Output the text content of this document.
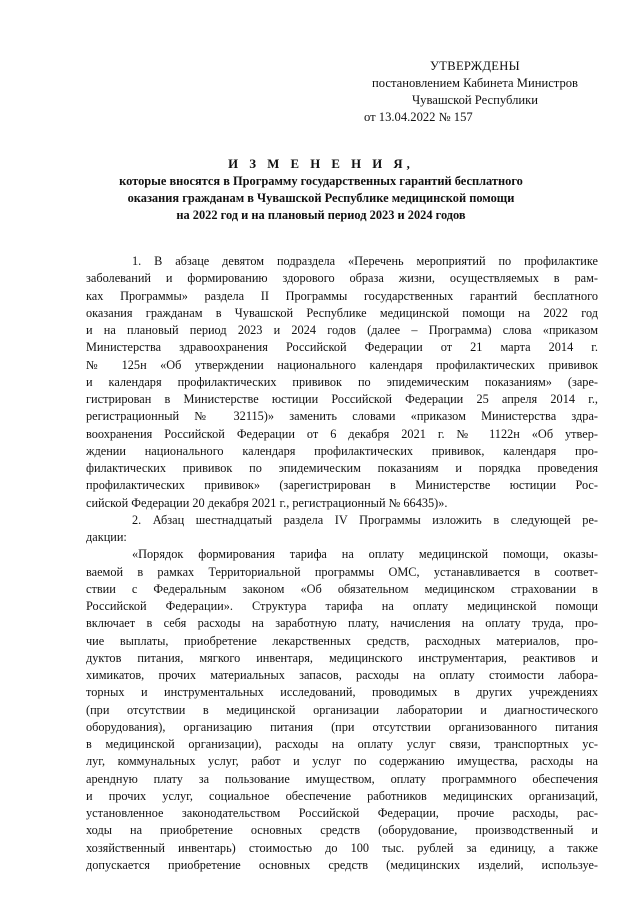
УТВЕРЖДЕНЫ
постановлением Кабинета Министров
Чувашской Республики
от 13.04.2022 № 157
И З М Е Н Е Н И Я,
которые вносятся в Программу государственных гарантий бесплатного
оказания гражданам в Чувашской Республике медицинской помощи
на 2022 год и на плановый период 2023 и 2024 годов
1. В абзаце девятом подраздела «Перечень мероприятий по профилактике
заболеваний и формированию здорового образа жизни, осуществляемых в рам-
ках Программы» раздела II Программы государственных гарантий бесплатного
оказания гражданам в Чувашской Республике медицинской помощи на 2022 год
и на плановый период 2023 и 2024 годов (далее – Программа) слова «приказом
Министерства здравоохранения Российской Федерации от 21 марта 2014 г.
№ 125н «Об утверждении национального календаря профилактических прививок
и календаря профилактических прививок по эпидемическим показаниям» (заре-
гистрирован в Министерстве юстиции Российской Федерации 25 апреля 2014 г.,
регистрационный № 32115)» заменить словами «приказом Министерства здра-
воохранения Российской Федерации от 6 декабря 2021 г. № 1122н «Об утвер-
ждении национального календаря профилактических прививок, календаря про-
филактических прививок по эпидемическим показаниям и порядка проведения
профилактических прививок» (зарегистрирован в Министерстве юстиции Рос-
сийской Федерации 20 декабря 2021 г., регистрационный № 66435)».
2. Абзац шестнадцатый раздела IV Программы изложить в следующей ре-
дакции:
«Порядок формирования тарифа на оплату медицинской помощи, оказы-
ваемой в рамках Территориальной программы ОМС, устанавливается в соответ-
ствии с Федеральным законом «Об обязательном медицинском страховании в
Российской Федерации». Структура тарифа на оплату медицинской помощи
включает в себя расходы на заработную плату, начисления на оплату труда, про-
чие выплаты, приобретение лекарственных средств, расходных материалов, про-
дуктов питания, мягкого инвентаря, медицинского инструментария, реактивов и
химикатов, прочих материальных запасов, расходы на оплату стоимости лабора-
торных и инструментальных исследований, проводимых в других учреждениях
(при отсутствии в медицинской организации лаборатории и диагностического
оборудования), организацию питания (при отсутствии организованного питания
в медицинской организации), расходы на оплату услуг связи, транспортных ус-
луг, коммунальных услуг, работ и услуг по содержанию имущества, расходы на
арендную плату за пользование имуществом, оплату программного обеспечения
и прочих услуг, социальное обеспечение работников медицинских организаций,
установленное законодательством Российской Федерации, прочие расходы, рас-
ходы на приобретение основных средств (оборудование, производственный и
хозяйственный инвентарь) стоимостью до 100 тыс. рублей за единицу, а также
допускается приобретение основных средств (медицинских изделий, используе-
